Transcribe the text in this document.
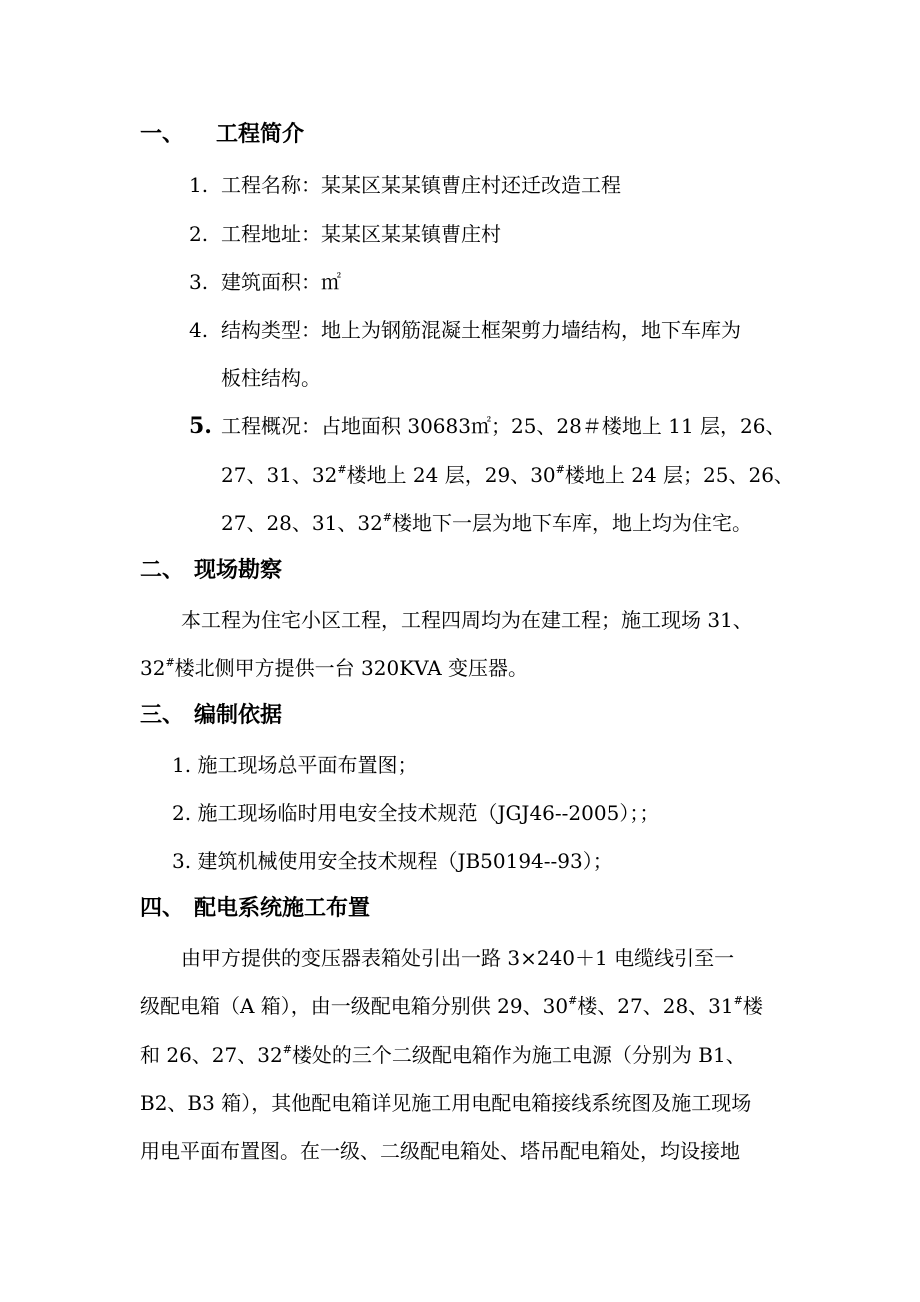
一、 工程简介
1. 工程名称：某某区某某镇曹庄村还迁改造工程
2. 工程地址：某某区某某镇曹庄村
3. 建筑面积：㎡
4. 结构类型：地上为钢筋混凝土框架剪力墙结构，地下车库为
板柱结构。
5. 工程概况：占地面积 30683㎡；25、28＃楼地上 11 层，26、
27、31、32#楼地上 24 层，29、30#楼地上 24 层；25、26、
27、28、31、32#楼地下一层为地下车库，地上均为住宅。
二、 现场勘察
本工程为住宅小区工程，工程四周均为在建工程；施工现场 31、
32#楼北侧甲方提供一台 320KVA 变压器。
三、 编制依据
1. 施工现场总平面布置图；
2. 施工现场临时用电安全技术规范（JGJ46--2005）；；
3. 建筑机械使用安全技术规程（JB50194--93）；
四、 配电系统施工布置
由甲方提供的变压器表箱处引出一路 3×240＋1 电缆线引至一
级配电箱（A 箱），由一级配电箱分别供 29、30#楼、27、28、31#楼
和 26、27、32#楼处的三个二级配电箱作为施工电源（分别为 B1、
B2、B3 箱），其他配电箱详见施工用电配电箱接线系统图及施工现场
用电平面布置图。在一级、二级配电箱处、塔吊配电箱处，均设接地
